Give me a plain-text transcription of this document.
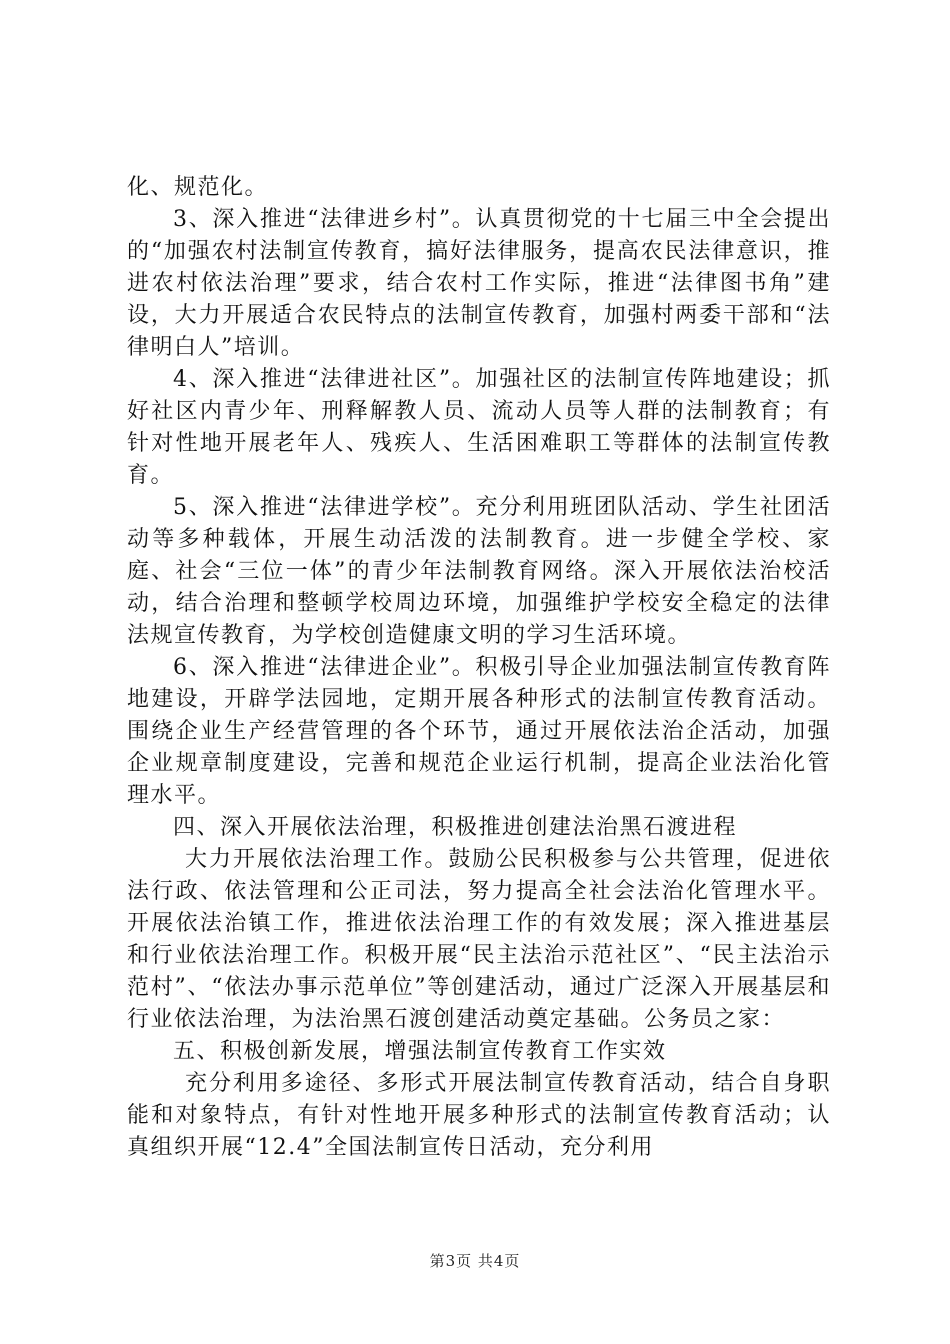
化、规范化。

3、深入推进“法律进乡村”。认真贯彻党的十七届三中全会提出的“加强农村法制宣传教育，搞好法律服务，提高农民法律意识，推进农村依法治理”要求，结合农村工作实际，推进“法律图书角”建设，大力开展适合农民特点的法制宣传教育，加强村两委干部和“法律明白人”培训。

4、深入推进“法律进社区”。加强社区的法制宣传阵地建设；抓好社区内青少年、刑释解教人员、流动人员等人群的法制教育；有针对性地开展老年人、残疾人、生活困难职工等群体的法制宣传教育。

5、深入推进“法律进学校”。充分利用班团队活动、学生社团活动等多种载体，开展生动活泼的法制教育。进一步健全学校、家庭、社会“三位一体”的青少年法制教育网络。深入开展依法治校活动，结合治理和整顿学校周边环境，加强维护学校安全稳定的法律法规宣传教育，为学校创造健康文明的学习生活环境。

6、深入推进“法律进企业”。积极引导企业加强法制宣传教育阵地建设，开辟学法园地，定期开展各种形式的法制宣传教育活动。围绕企业生产经营管理的各个环节，通过开展依法治企活动，加强企业规章制度建设，完善和规范企业运行机制，提高企业法治化管理水平。

四、深入开展依法治理，积极推进创建法治黑石渡进程

大力开展依法治理工作。鼓励公民积极参与公共管理，促进依法行政、依法管理和公正司法，努力提高全社会法治化管理水平。开展依法治镇工作，推进依法治理工作的有效发展；深入推进基层和行业依法治理工作。积极开展“民主法治示范社区”、“民主法治示范村”、“依法办事示范单位”等创建活动，通过广泛深入开展基层和行业依法治理，为法治黑石渡创建活动奠定基础。公务员之家：

五、积极创新发展，增强法制宣传教育工作实效

充分利用多途径、多形式开展法制宣传教育活动，结合自身职能和对象特点，有针对性地开展多种形式的法制宣传教育活动；认真组织开展“12.4”全国法制宣传日活动，充分利用

第3页 共4页
